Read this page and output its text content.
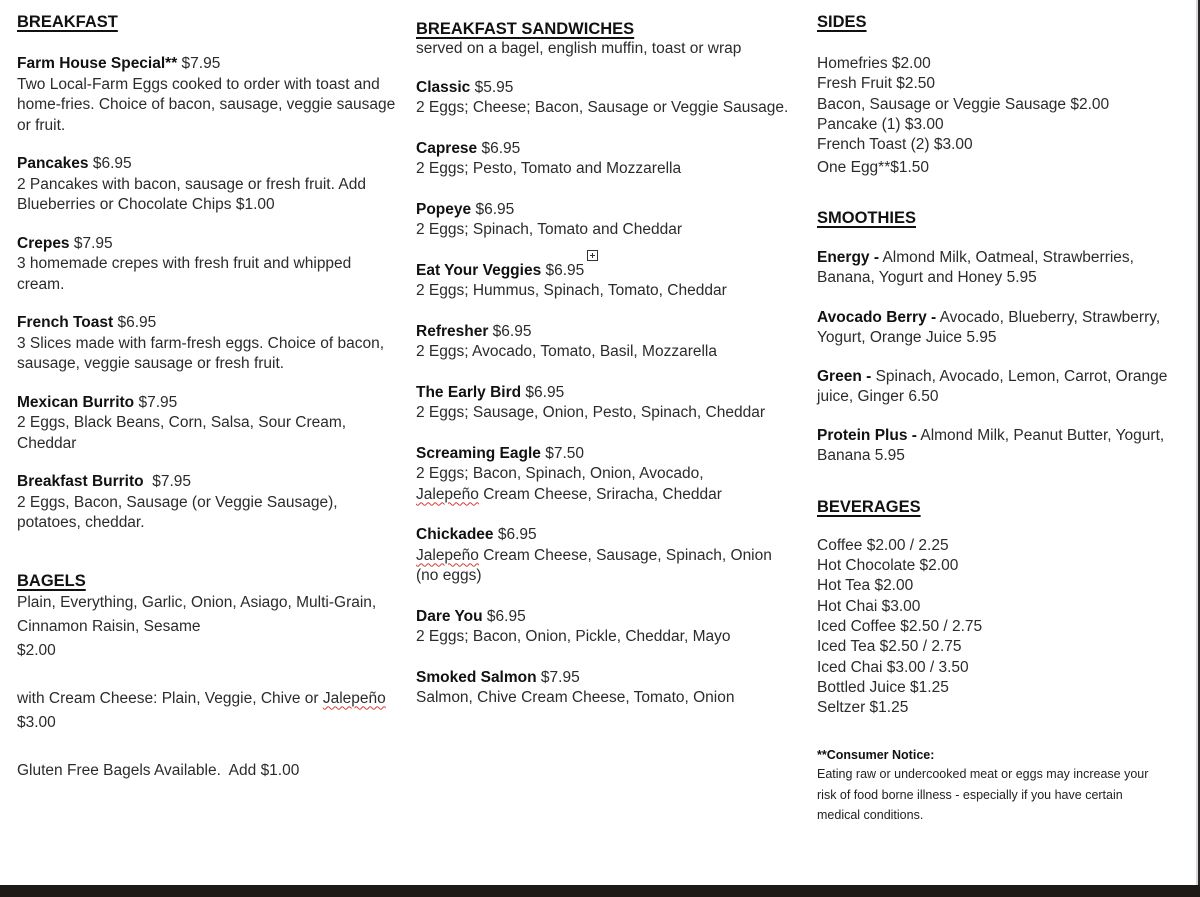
BREAKFAST
Farm House Special** $7.95
Two Local-Farm Eggs cooked to order with toast and home-fries. Choice of bacon, sausage, veggie sausage or fruit.
Pancakes $6.95
2 Pancakes with bacon, sausage or fresh fruit. Add Blueberries or Chocolate Chips $1.00
Crepes $7.95
3 homemade crepes with fresh fruit and whipped cream.
French Toast $6.95
3 Slices made with farm-fresh eggs. Choice of bacon, sausage, veggie sausage or fresh fruit.
Mexican Burrito $7.95
2 Eggs, Black Beans, Corn, Salsa, Sour Cream, Cheddar
Breakfast Burrito  $7.95
2 Eggs, Bacon, Sausage (or Veggie Sausage), potatoes, cheddar.
BAGELS
Plain, Everything, Garlic, Onion, Asiago, Multi-Grain, Cinnamon Raisin, Sesame
$2.00
with Cream Cheese: Plain, Veggie, Chive or Jalepeño
$3.00
Gluten Free Bagels Available.  Add $1.00
BREAKFAST SANDWICHES
served on a bagel, english muffin, toast or wrap
Classic $5.95
2 Eggs; Cheese; Bacon, Sausage or Veggie Sausage.
Caprese $6.95
2 Eggs; Pesto, Tomato and Mozzarella
Popeye $6.95
2 Eggs; Spinach, Tomato and Cheddar
Eat Your Veggies $6.95
2 Eggs; Hummus, Spinach, Tomato, Cheddar
Refresher $6.95
2 Eggs; Avocado, Tomato, Basil, Mozzarella
The Early Bird $6.95
2 Eggs; Sausage, Onion, Pesto, Spinach, Cheddar
Screaming Eagle $7.50
2 Eggs; Bacon, Spinach, Onion, Avocado,
Jalepeño Cream Cheese, Sriracha, Cheddar
Chickadee $6.95
Jalepeño Cream Cheese, Sausage, Spinach, Onion (no eggs)
Dare You $6.95
2 Eggs; Bacon, Onion, Pickle, Cheddar, Mayo
Smoked Salmon $7.95
Salmon, Chive Cream Cheese, Tomato, Onion
SIDES
Homefries $2.00
Fresh Fruit $2.50
Bacon, Sausage or Veggie Sausage $2.00
Pancake (1) $3.00
French Toast (2) $3.00
One Egg**$1.50
SMOOTHIES
Energy - Almond Milk, Oatmeal, Strawberries, Banana, Yogurt and Honey 5.95
Avocado Berry - Avocado, Blueberry, Strawberry, Yogurt, Orange Juice 5.95
Green - Spinach, Avocado, Lemon, Carrot, Orange juice, Ginger 6.50
Protein Plus - Almond Milk, Peanut Butter, Yogurt, Banana 5.95
BEVERAGES
Coffee $2.00 / 2.25
Hot Chocolate $2.00
Hot Tea $2.00
Hot Chai $3.00
Iced Coffee $2.50 / 2.75
Iced Tea $2.50 / 2.75
Iced Chai $3.00 / 3.50
Bottled Juice $1.25
Seltzer $1.25
**Consumer Notice:
Eating raw or undercooked meat or eggs may increase your risk of food borne illness - especially if you have certain medical conditions.
